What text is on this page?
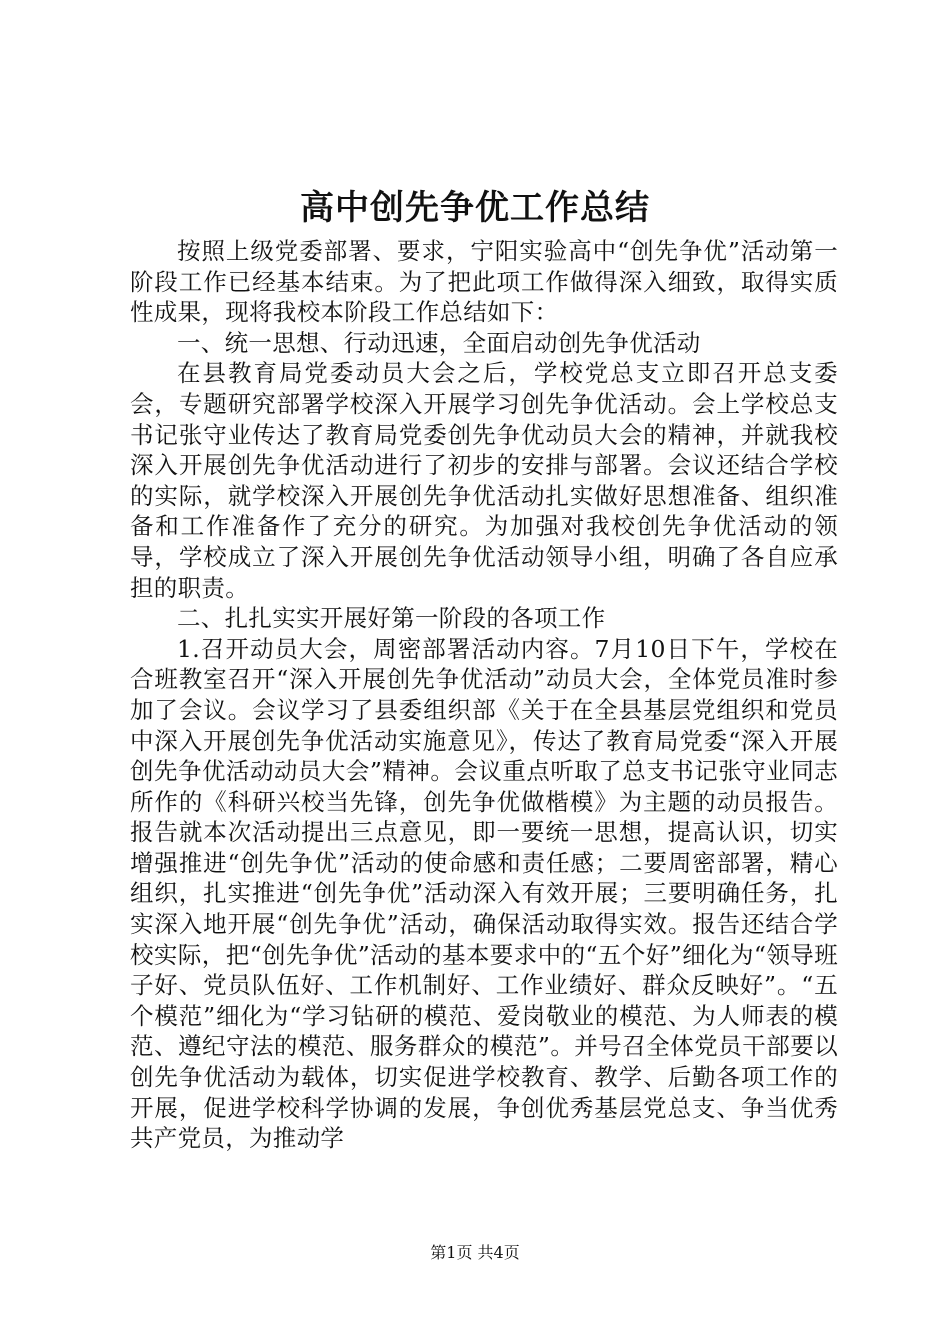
高中创先争优工作总结

按照上级党委部署、要求，宁阳实验高中“创先争优”活动第一阶段工作已经基本结束。为了把此项工作做得深入细致，取得实质性成果，现将我校本阶段工作总结如下：

一、统一思想、行动迅速，全面启动创先争优活动

在县教育局党委动员大会之后，学校党总支立即召开总支委会，专题研究部署学校深入开展学习创先争优活动。会上学校总支书记张守业传达了教育局党委创先争优动员大会的精神，并就我校深入开展创先争优活动进行了初步的安排与部署。会议还结合学校的实际，就学校深入开展创先争优活动扎实做好思想准备、组织准备和工作准备作了充分的研究。为加强对我校创先争优活动的领导，学校成立了深入开展创先争优活动领导小组，明确了各自应承担的职责。

二、扎扎实实开展好第一阶段的各项工作

1.召开动员大会，周密部署活动内容。7月10日下午，学校在合班教室召开“深入开展创先争优活动”动员大会，全体党员准时参加了会议。会议学习了县委组织部《关于在全县基层党组织和党员中深入开展创先争优活动实施意见》，传达了教育局党委“深入开展创先争优活动动员大会”精神。会议重点听取了总支书记张守业同志所作的《科研兴校当先锋，创先争优做楷模》为主题的动员报告。报告就本次活动提出三点意见，即一要统一思想，提高认识，切实增强推进“创先争优”活动的使命感和责任感；二要周密部署，精心组织，扎实推进“创先争优”活动深入有效开展；三要明确任务，扎实深入地开展“创先争优”活动，确保活动取得实效。报告还结合学校实际，把“创先争优”活动的基本要求中的“五个好”细化为“领导班子好、党员队伍好、工作机制好、工作业绩好、群众反映好”。“五个模范”细化为“学习钻研的模范、爱岗敬业的模范、为人师表的模范、遵纪守法的模范、服务群众的模范”。并号召全体党员干部要以创先争优活动为载体，切实促进学校教育、教学、后勤各项工作的开展，促进学校科学协调的发展，争创优秀基层党总支、争当优秀共产党员，为推动学

第1页 共4页
